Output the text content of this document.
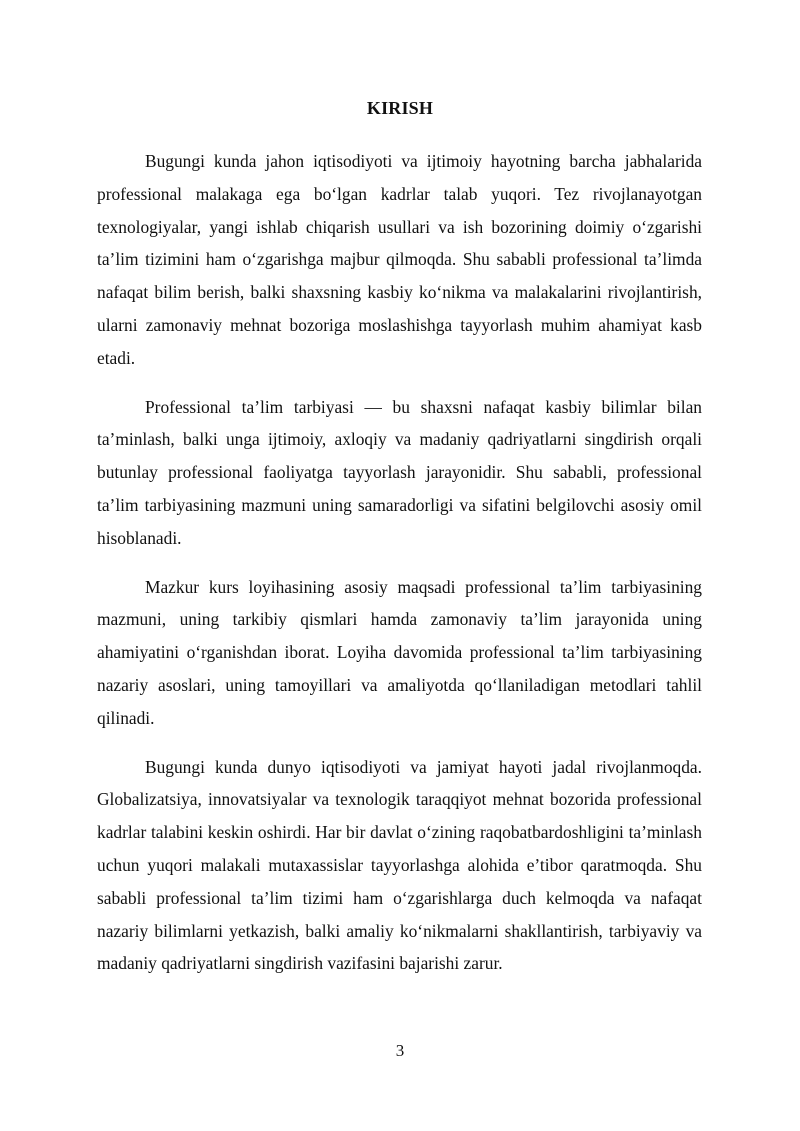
KIRISH

Bugungi kunda jahon iqtisodiyoti va ijtimoiy hayotning barcha jabhalarida professional malakaga ega bo‘lgan kadrlar talab yuqori. Tez rivojlanayotgan texnologiyalar, yangi ishlab chiqarish usullari va ish bozorining doimiy o‘zgarishi ta’lim tizimini ham o‘zgarishga majbur qilmoqda. Shu sababli professional ta’limda nafaqat bilim berish, balki shaxsning kasbiy ko‘nikma va malakalarini rivojlantirish, ularni zamonaviy mehnat bozoriga moslashishga tayyorlash muhim ahamiyat kasb etadi.

Professional ta’lim tarbiyasi — bu shaxsni nafaqat kasbiy bilimlar bilan ta’minlash, balki unga ijtimoiy, axloqiy va madaniy qadriyatlarni singdirish orqali butunlay professional faoliyatga tayyorlash jarayonidir. Shu sababli, professional ta’lim tarbiyasining mazmuni uning samaradorligi va sifatini belgilovchi asosiy omil hisoblanadi.

Mazkur kurs loyihasining asosiy maqsadi professional ta’lim tarbiyasining mazmuni, uning tarkibiy qismlari hamda zamonaviy ta’lim jarayonida uning ahamiyatini o‘rganishdan iborat. Loyiha davomida professional ta’lim tarbiyasining nazariy asoslari, uning tamoyillari va amaliyotda qo‘llaniladigan metodlari tahlil qilinadi.

Bugungi kunda dunyo iqtisodiyoti va jamiyat hayoti jadal rivojlanmoqda. Globalizatsiya, innovatsiyalar va texnologik taraqqiyot mehnat bozorida professional kadrlar talabini keskin oshirdi. Har bir davlat o‘zining raqobatbardoshligini ta’minlash uchun yuqori malakali mutaxassislar tayyorlashga alohida e’tibor qaratmoqda. Shu sababli professional ta’lim tizimi ham o‘zgarishlarga duch kelmoqda va nafaqat nazariy bilimlarni yetkazish, balki amaliy ko‘nikmalarni shakllantirish, tarbiyaviy va madaniy qadriyatlarni singdirish vazifasini bajarishi zarur.

3
